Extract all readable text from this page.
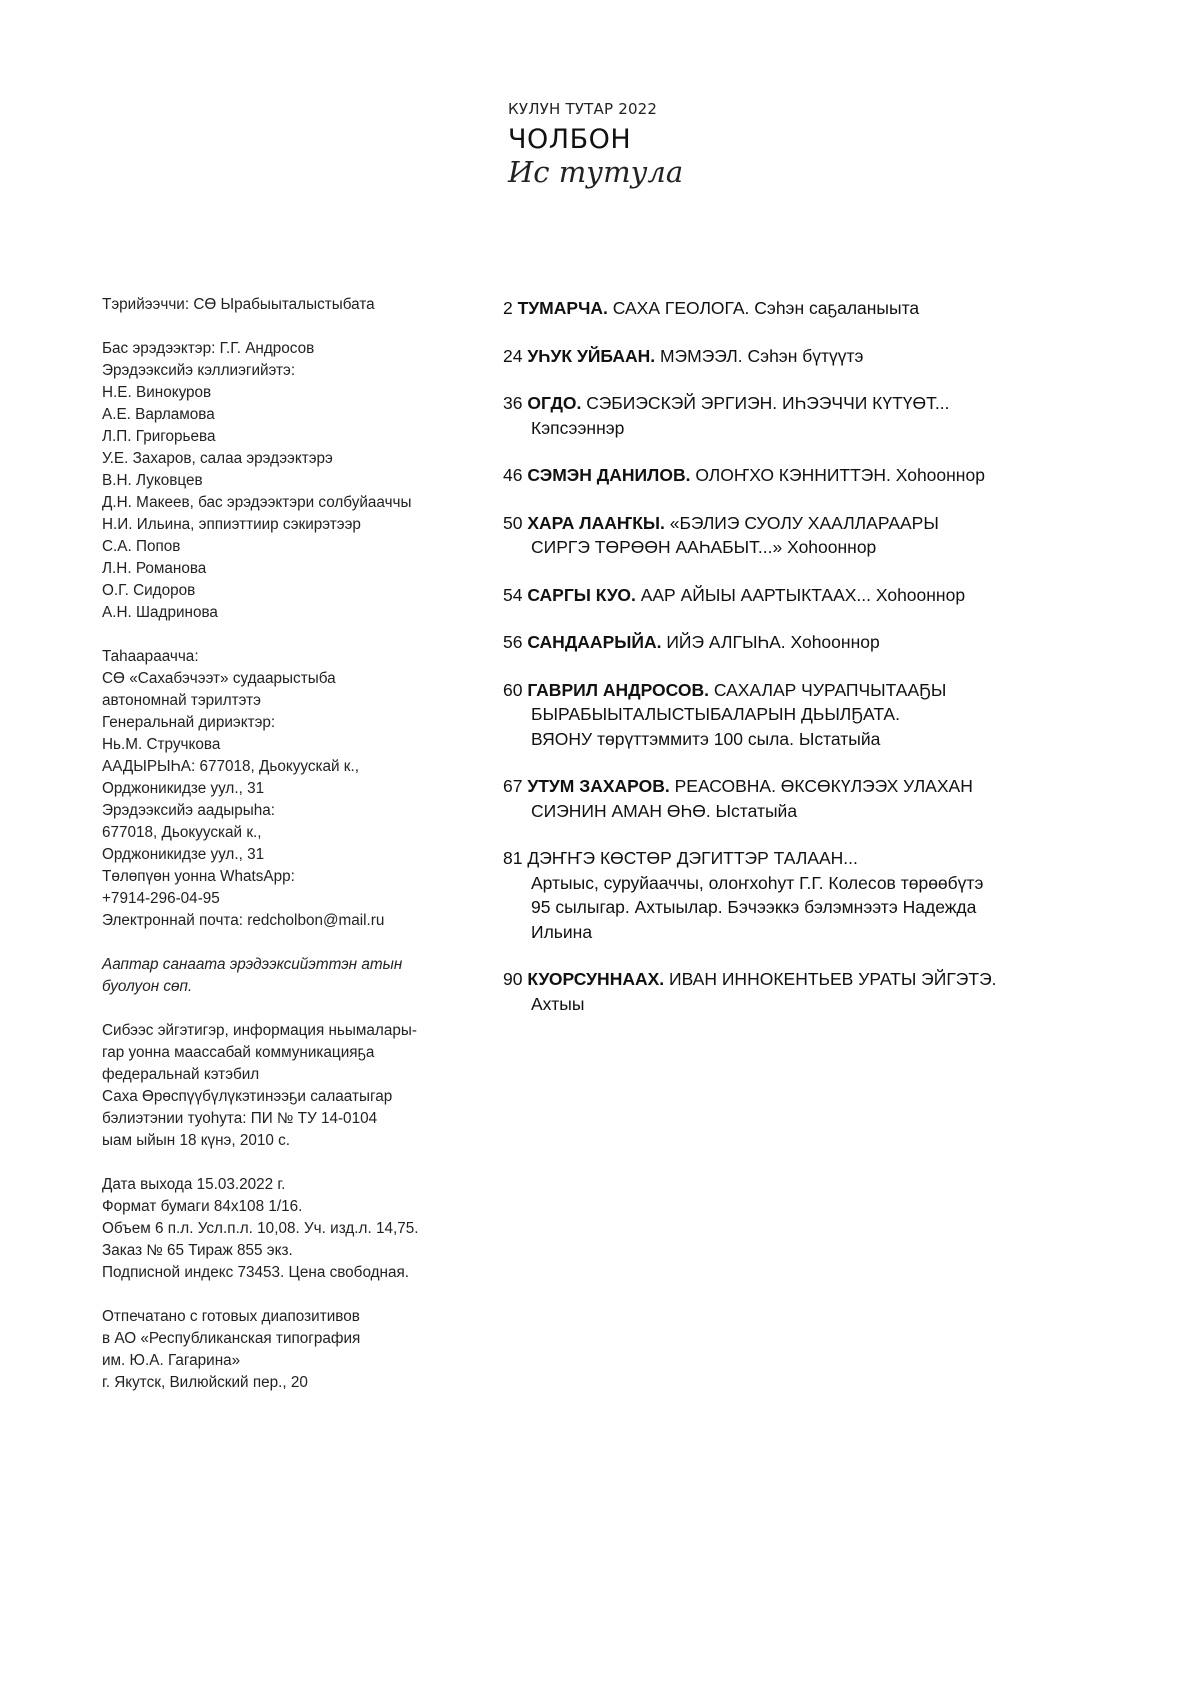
КУЛУН ТУТАР 2022
ЧОЛБОН
Ис тутула
Тэрийээччи: СӨ Ырабыыталыстыбата
Бас эрэдээктэр: Г.Г. Андросов
Эрэдээксийэ кэллиэгийэтэ:
Н.Е. Винокуров
А.Е. Варламова
Л.П. Григорьева
У.Е. Захаров, салаа эрэдээктэрэ
В.Н. Луковцев
Д.Н. Макеев, бас эрэдээктэри солбуйааччы
Н.И. Ильина, эппиэттиир сэкирэтээр
С.А. Попов
Л.Н. Романова
О.Г. Сидоров
А.Н. Шадринова
Таһаараачча:
СӨ «Сахабэчээт» судаарыстыба
автономнай тэрилтэтэ
Генеральнай дириэктэр:
Нь.М. Стручкова
ААДЫРЫҺА: 677018, Дьокуускай к.,
Орджоникидзе уул., 31
Эрэдээксийэ аадырыһа:
677018, Дьокуускай к.,
Орджоникидзе уул., 31
Төлөпүөн уонна WhatsApp:
+7914-296-04-95
Электроннай почта: redcholbon@mail.ru
Ааптар санаата эрэдээксийэттэн атын буолуон сөп.
Сибээс эйгэтигэр, информация ньымалары-
гар уонна маассабай коммуникацияҕа
федеральнай кэтэбил
Саха Өрөспүүбүлүкэтинээҕи салаатыгар
бэлиэтэнии туоһута: ПИ № ТУ 14-0104
ыам ыйын 18 күнэ, 2010 с.
Дата выхода 15.03.2022 г.
Формат бумаги 84х108 1/16.
Объем 6 п.л. Усл.п.л. 10,08. Уч. изд.л. 14,75.
Заказ № 65 Тираж 855 экз.
Подписной индекс 73453. Цена свободная.
Отпечатано с готовых диапозитивов
в АО «Республиканская типография
им. Ю.А. Гагарина»
г. Якутск, Вилюйский пер., 20
2 ТУМАРЧА. САХА ГЕОЛОГА. Сэһэн саҕаланыыта
24 УҺУК УЙБААН. МЭМЭЭЛ. Сэһэн бүтүүтэ
36 ОГДО. СЭБИЭСКЭЙ ЭРГИЭН. ИҺЭЭЧЧИ КҮТҮӨТ...
Кэпсээннэр
46 СЭМЭН ДАНИЛОВ. ОЛОҤХО КЭННИТТЭН. Хоһооннор
50 ХАРА ЛААҤКЫ. «БЭЛИЭ СУОЛУ ХААЛЛАРААРЫ
СИРГЭ ТӨРӨӨН ААҺАБЫТ...» Хоһооннор
54 САРГЫ КУО. ААР АЙЫЫ ААРТЫКТААХ... Хоһооннор
56 САНДААРЫЙА. ИЙЭ АЛГЫҺА. Хоһооннор
60 ГАВРИЛ АНДРОСОВ. САХАЛАР ЧУРАПЧЫТААҔЫ
БЫРАБЫЫТАЛЫСТЫБАЛАРЫН ДЬЫЛҔАТА.
ВЯОНУ төрүттэммитэ 100 сыла. Ыстатыйа
67 УТУМ ЗАХАРОВ. РЕАСОВНА. ӨКСӨКҮЛЭЭХ УЛАХАН
СИЭНИН АМАН ӨҺӨ. Ыстатыйа
81 ДЭҤҤЭ КӨСТӨР ДЭГИТТЭР ТАЛААН...
Артыыс, суруйааччы, олоҥхоһут Г.Г. Колесов төрөөбүтэ
95 сылыгар. Ахтыылар. Бэчээккэ бэлэмнээтэ Надежда
Ильина
90 КУОРСУННААХ. ИВАН ИННОКЕНТЬЕВ УРАТЫ ЭЙГЭТЭ.
Ахтыы
